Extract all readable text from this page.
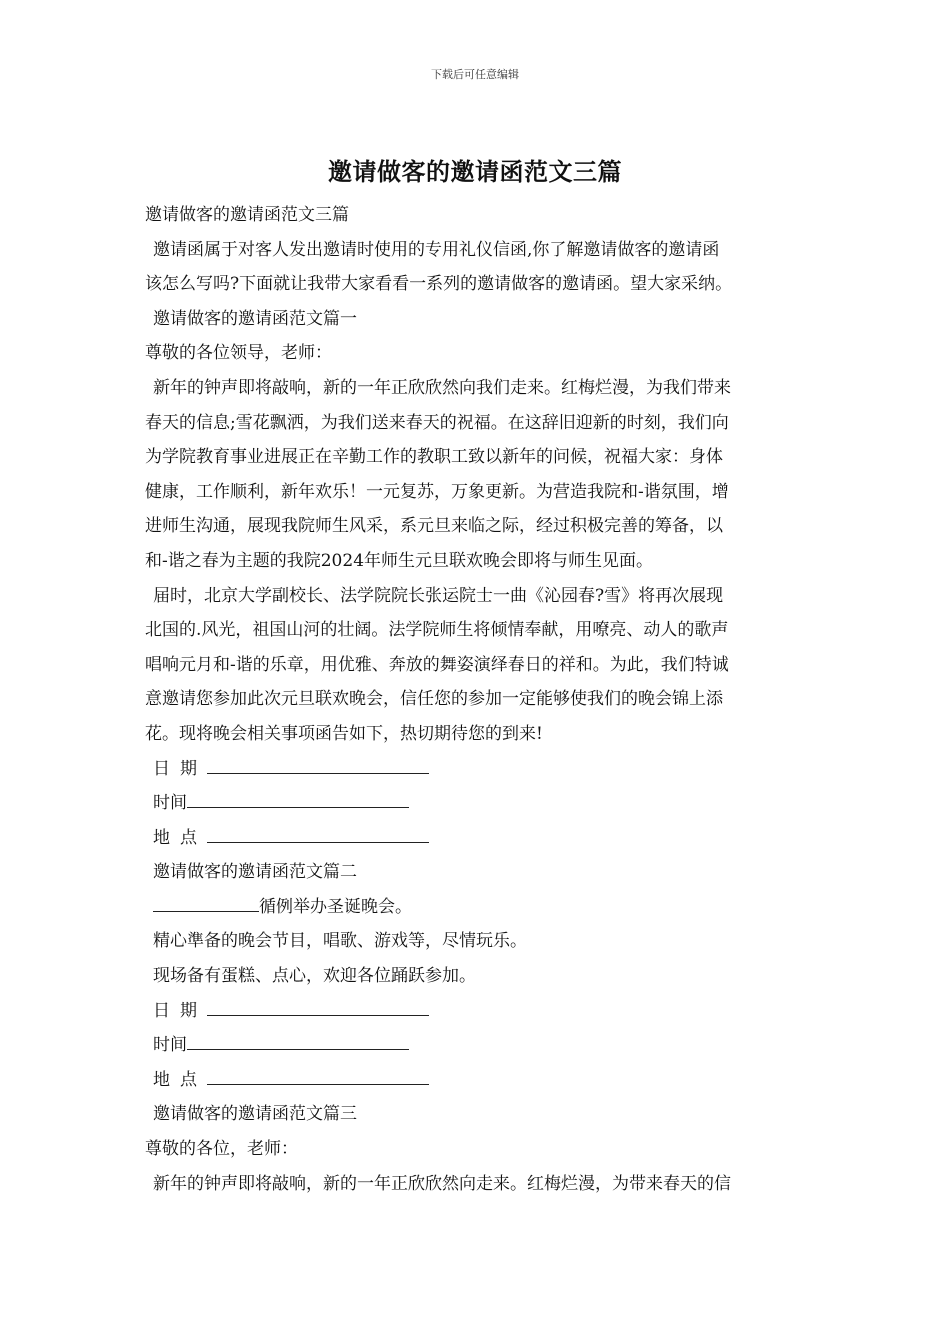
下载后可任意编辑
邀请做客的邀请函范文三篇
邀请做客的邀请函范文三篇
邀请函属于对客人发出邀请时使用的专用礼仪信函,你了解邀请做客的邀请函
该怎么写吗?下面就让我带大家看看一系列的邀请做客的邀请函。望大家采纳。
邀请做客的邀请函范文篇一
尊敬的各位领导，老师：
新年的钟声即将敲响，新的一年正欣欣然向我们走来。红梅烂漫，为我们带来
春天的信息;雪花飘洒，为我们送来春天的祝福。在这辞旧迎新的时刻，我们向
为学院教育事业进展正在辛勤工作的教职工致以新年的问候，祝福大家：身体
健康，工作顺利，新年欢乐！一元复苏，万象更新。为营造我院和-谐氛围，增
进师生沟通，展现我院师生风采，系元旦来临之际，经过积极完善的筹备，以
和-谐之春为主题的我院2024年师生元旦联欢晚会即将与师生见面。
届时，北京大学副校长、法学院院长张运院士一曲《沁园春?雪》将再次展现
北国的.风光，祖国山河的壮阔。法学院师生将倾情奉献，用嘹亮、动人的歌声
唱响元月和-谐的乐章，用优雅、奔放的舞姿演绎春日的祥和。为此，我们特诚
意邀请您参加此次元旦联欢晚会，信任您的参加一定能够使我们的晚会锦上添
花。现将晚会相关事项函告如下，热切期待您的到来!
日期
时间
地点
邀请做客的邀请函范文篇二
循例举办圣诞晚会。
精心準备的晚会节目，唱歌、游戏等，尽情玩乐。
现场备有蛋糕、点心，欢迎各位踊跃参加。
日期
时间
地点
邀请做客的邀请函范文篇三
尊敬的各位，老师：
新年的钟声即将敲响，新的一年正欣欣然向走来。红梅烂漫，为带来春天的信
